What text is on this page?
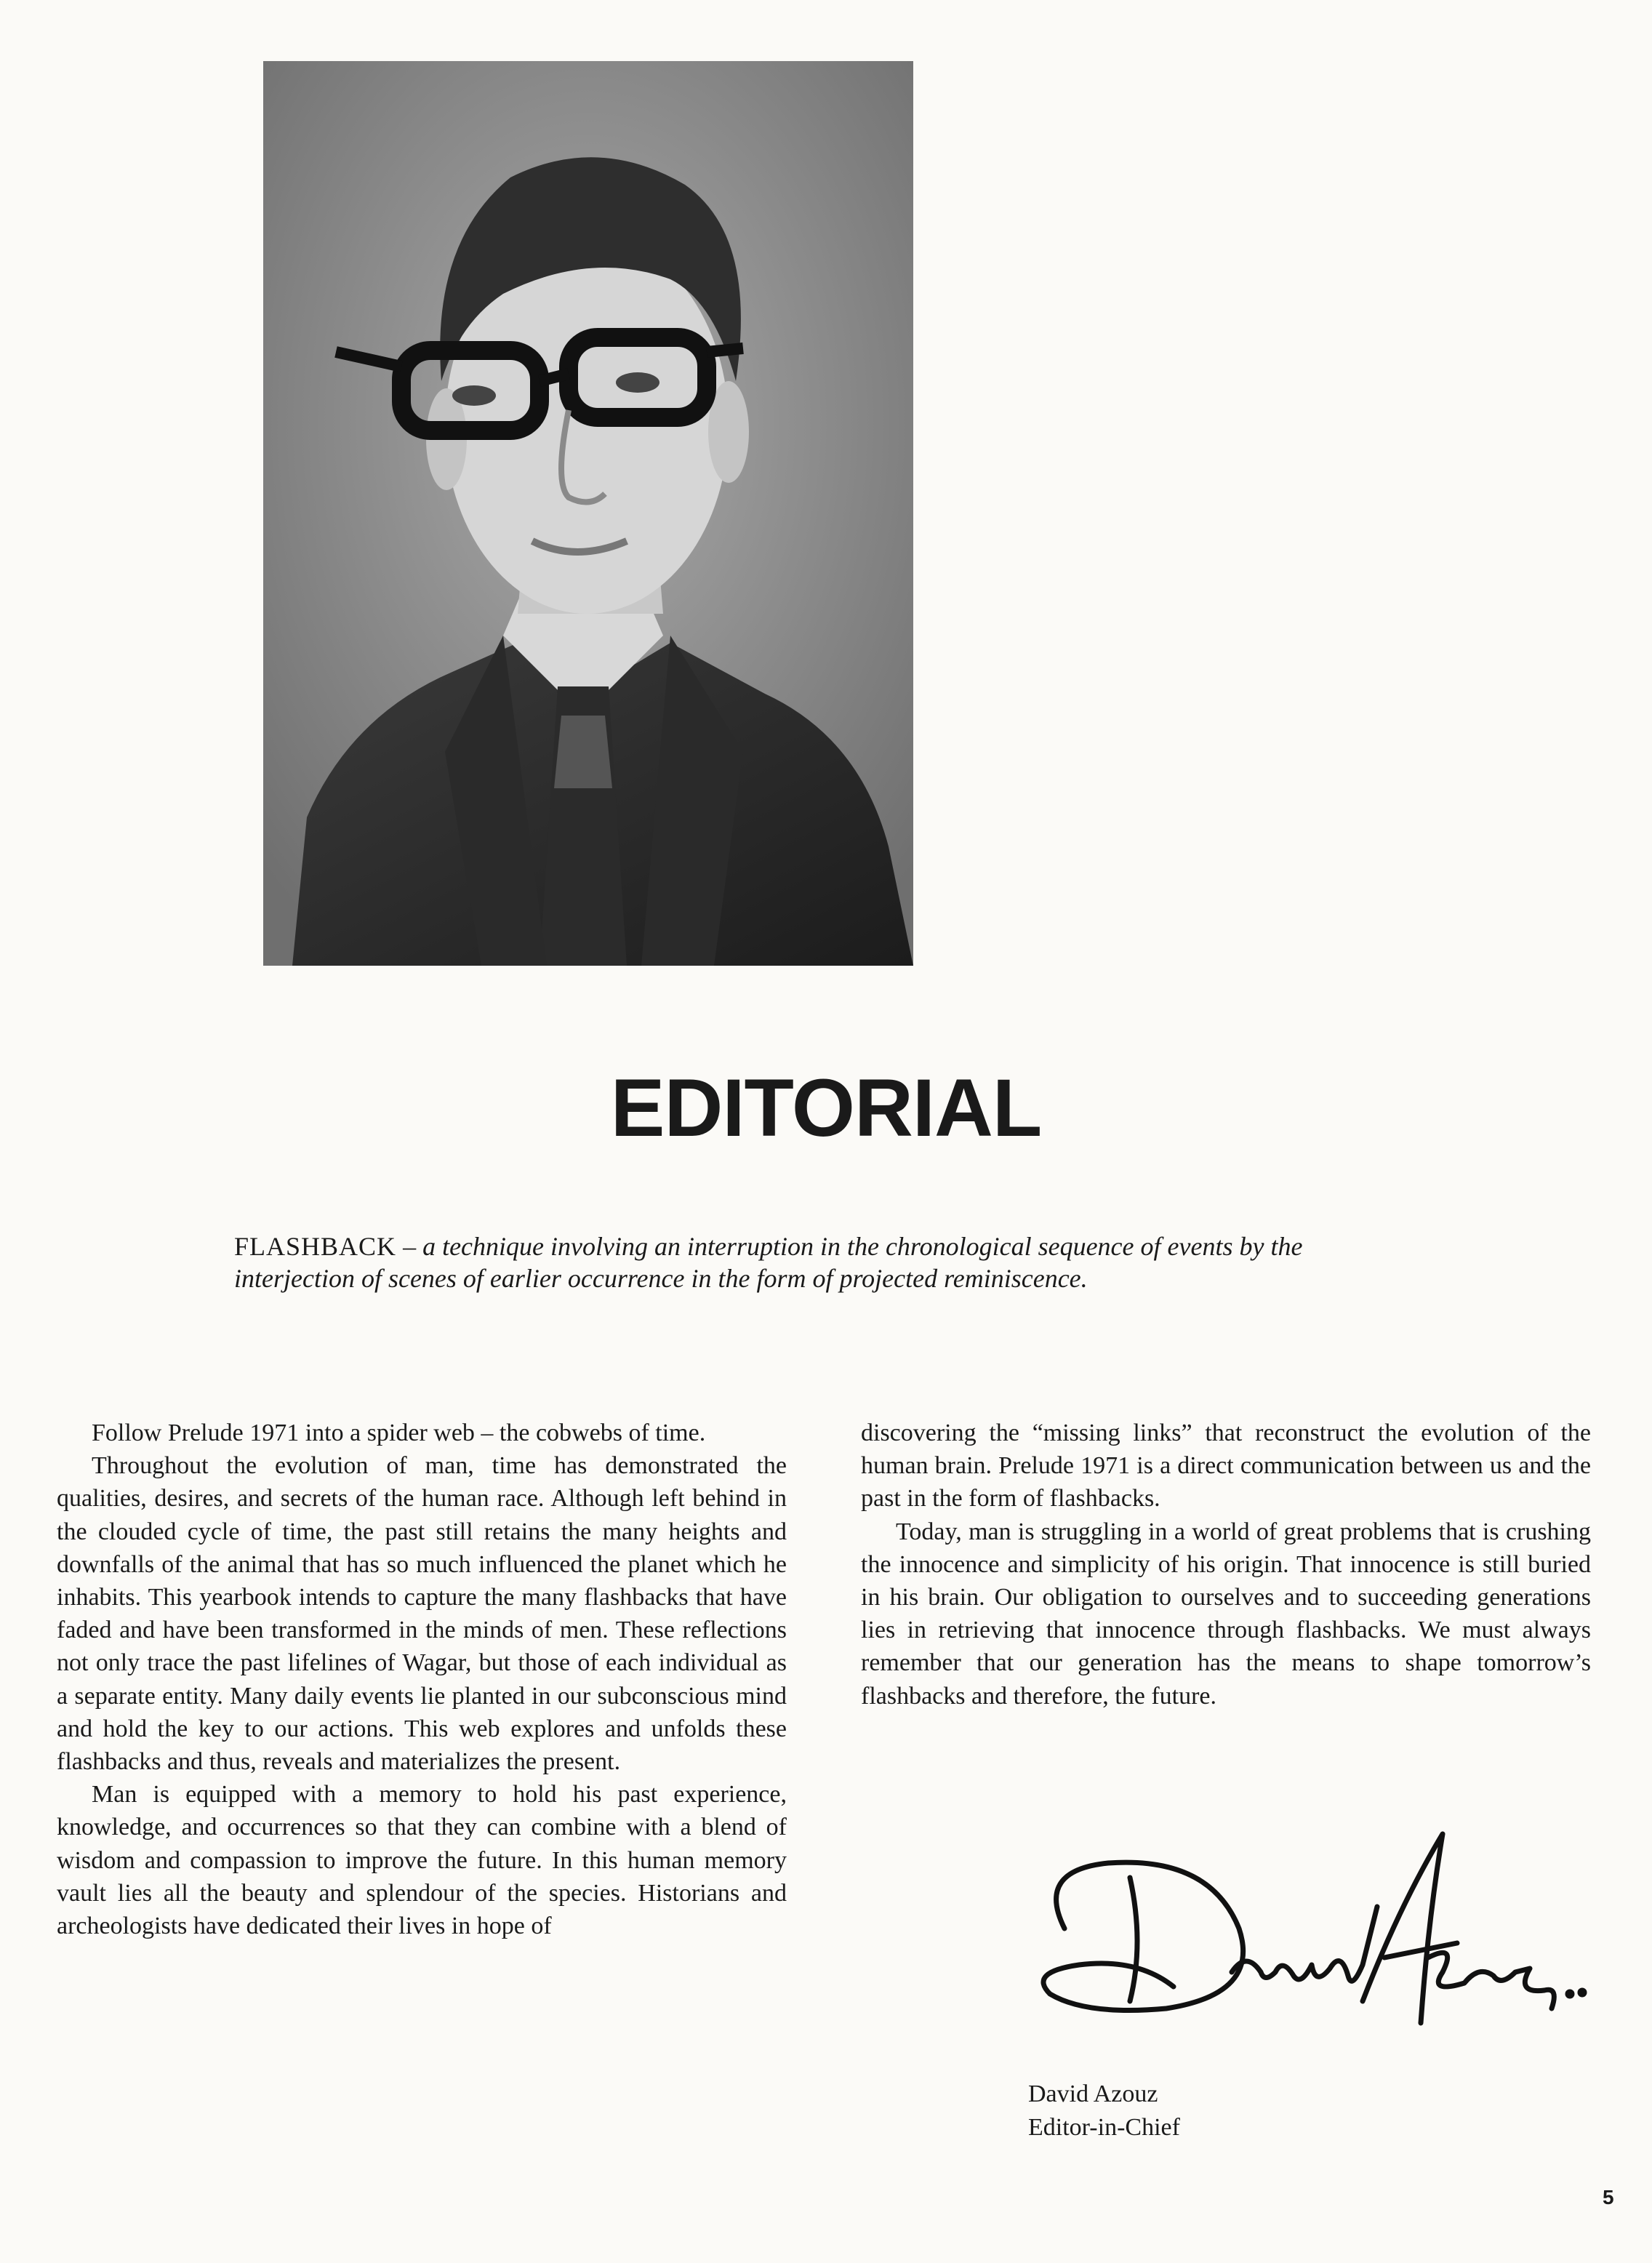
EDITORIAL

FLASHBACK – a technique involving an interruption in the chronological sequence of events by the interjection of scenes of earlier occurrence in the form of projected reminiscence.

Follow Prelude 1971 into a spider web – the cobwebs of time.

Throughout the evolution of man, time has demonstrated the qualities, desires, and secrets of the human race. Although left behind in the clouded cycle of time, the past still retains the many heights and downfalls of the animal that has so much influenced the planet which he inhabits. This yearbook intends to capture the many flashbacks that have faded and have been transformed in the minds of men. These reflections not only trace the past lifelines of Wagar, but those of each individual as a separate entity. Many daily events lie planted in our subconscious mind and hold the key to our actions. This web explores and unfolds these flashbacks and thus, reveals and materializes the present.

Man is equipped with a memory to hold his past experience, knowledge, and occurrences so that they can combine with a blend of wisdom and compassion to improve the future. In this human memory vault lies all the beauty and splendour of the species. Historians and archeologists have dedicated their lives in hope of

discovering the “missing links” that reconstruct the evolution of the human brain. Prelude 1971 is a direct communication between us and the past in the form of flashbacks.

Today, man is struggling in a world of great problems that is crushing the innocence and simplicity of his origin. That innocence is still buried in his brain. Our obligation to ourselves and to succeeding generations lies in retrieving that innocence through flashbacks. We must always remember that our generation has the means to shape tomorrow’s flashbacks and therefore, the future.

David Azouz
Editor-in-Chief
5
